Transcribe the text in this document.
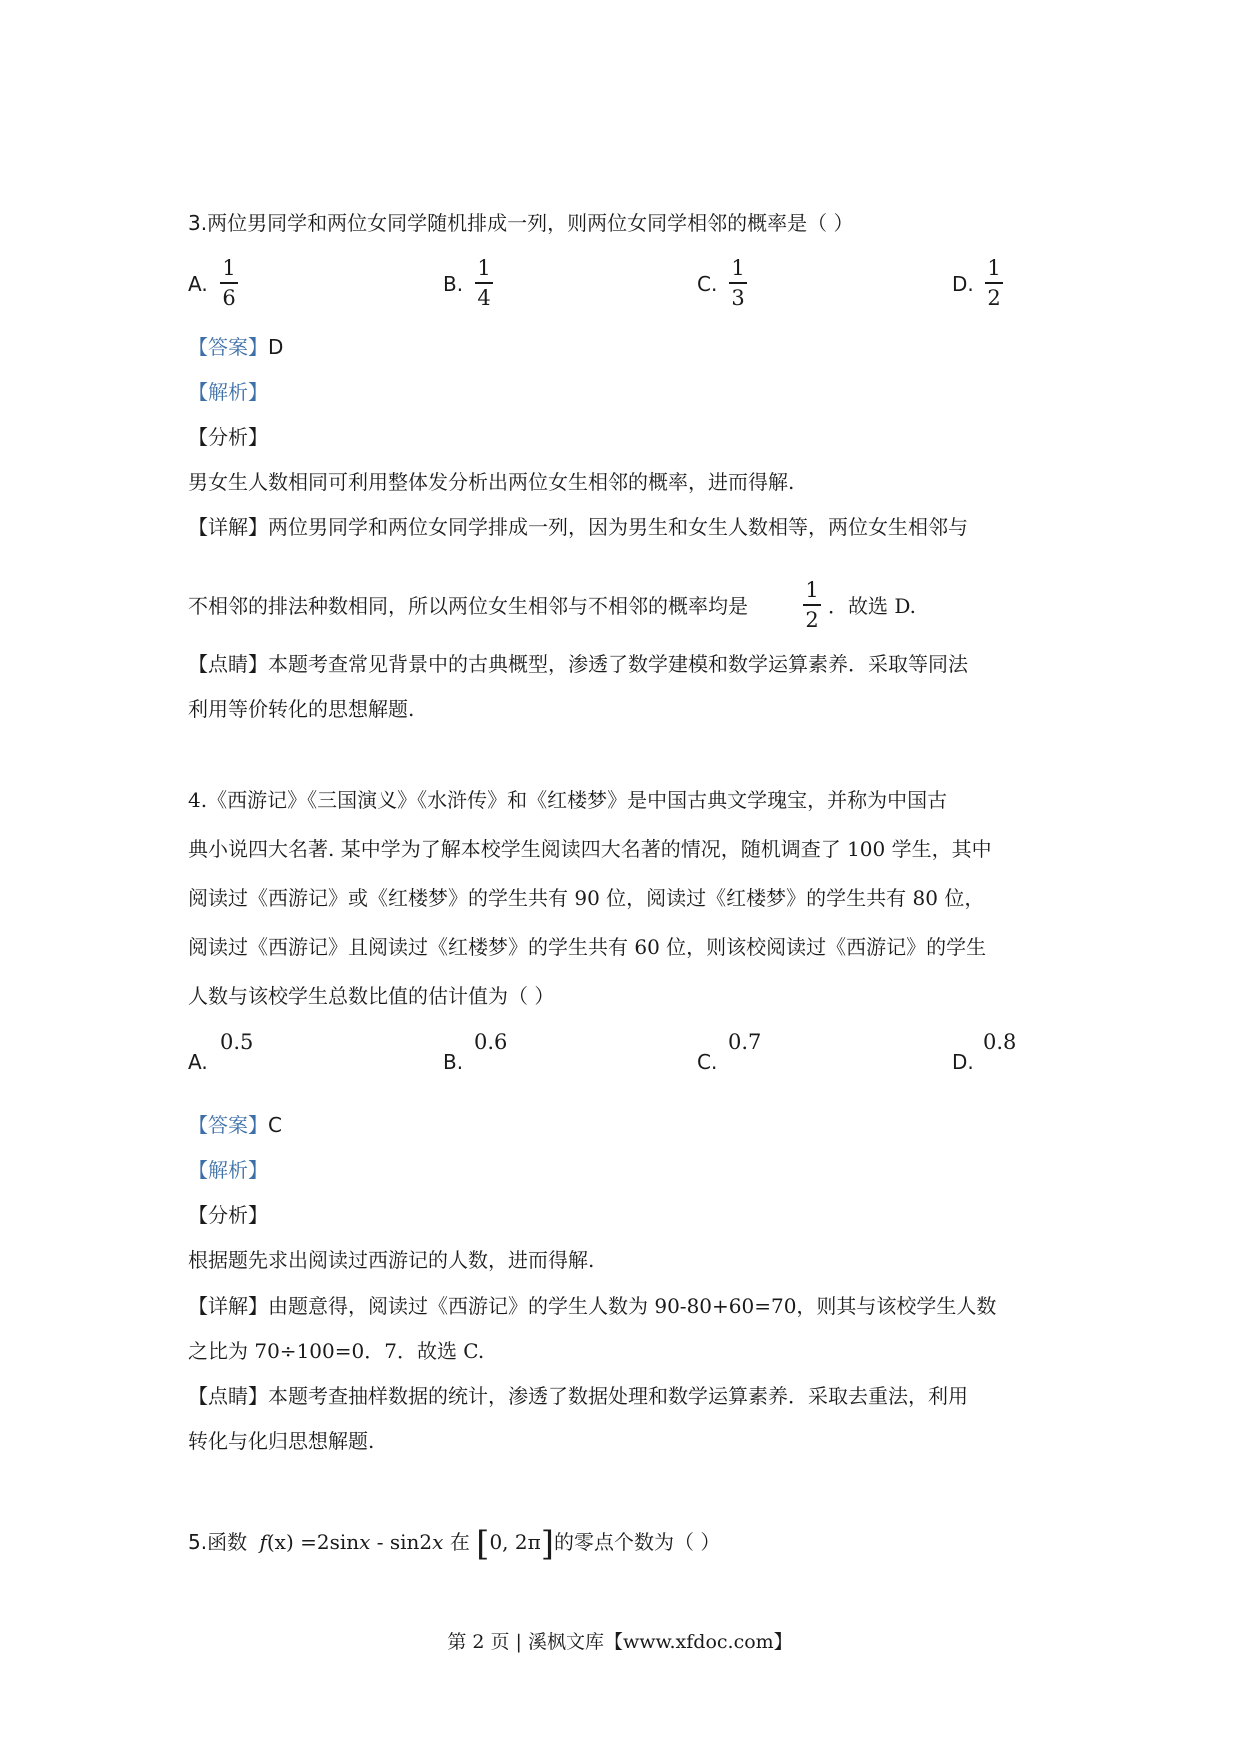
3.两位男同学和两位女同学随机排成一列，则两位女同学相邻的概率是（ ）
A.
1
6
B.
1
4
C.
1
3
D.
1
2
【答案】D
【解析】
【分析】
男女生人数相同可利用整体发分析出两位女生相邻的概率，进而得解.
【详解】两位男同学和两位女同学排成一列，因为男生和女生人数相等，两位女生相邻与
不相邻的排法种数相同，所以两位女生相邻与不相邻的概率均是
1
2
．故选 D.
【点睛】本题考查常见背景中的古典概型，渗透了数学建模和数学运算素养．采取等同法
利用等价转化的思想解题.
4.《西游记》《三国演义》《水浒传》和《红楼梦》是中国古典文学瑰宝，并称为中国古
典小说四大名著. 某中学为了解本校学生阅读四大名著的情况，随机调查了 100 学生，其中
阅读过《西游记》或《红楼梦》的学生共有 90 位，阅读过《红楼梦》的学生共有 80 位，
阅读过《西游记》且阅读过《红楼梦》的学生共有 60 位，则该校阅读过《西游记》的学生
人数与该校学生总数比值的估计值为（ ）
A.
0.5
B.
0.6
C.
0.7
D.
0.8
【答案】C
【解析】
【分析】
根据题先求出阅读过西游记的人数，进而得解.
【详解】由题意得，阅读过《西游记》的学生人数为 90-80+60=70，则其与该校学生人数
之比为 70÷100=0．7．故选 C.
【点睛】本题考查抽样数据的统计，渗透了数据处理和数学运算素养．采取去重法，利用
转化与化归思想解题.
5.函数 f(x) =2sinx - sin2x 在 [0, 2π]的零点个数为（ ）
第 2 页 | 溪枫文库【www.xfdoc.com】
